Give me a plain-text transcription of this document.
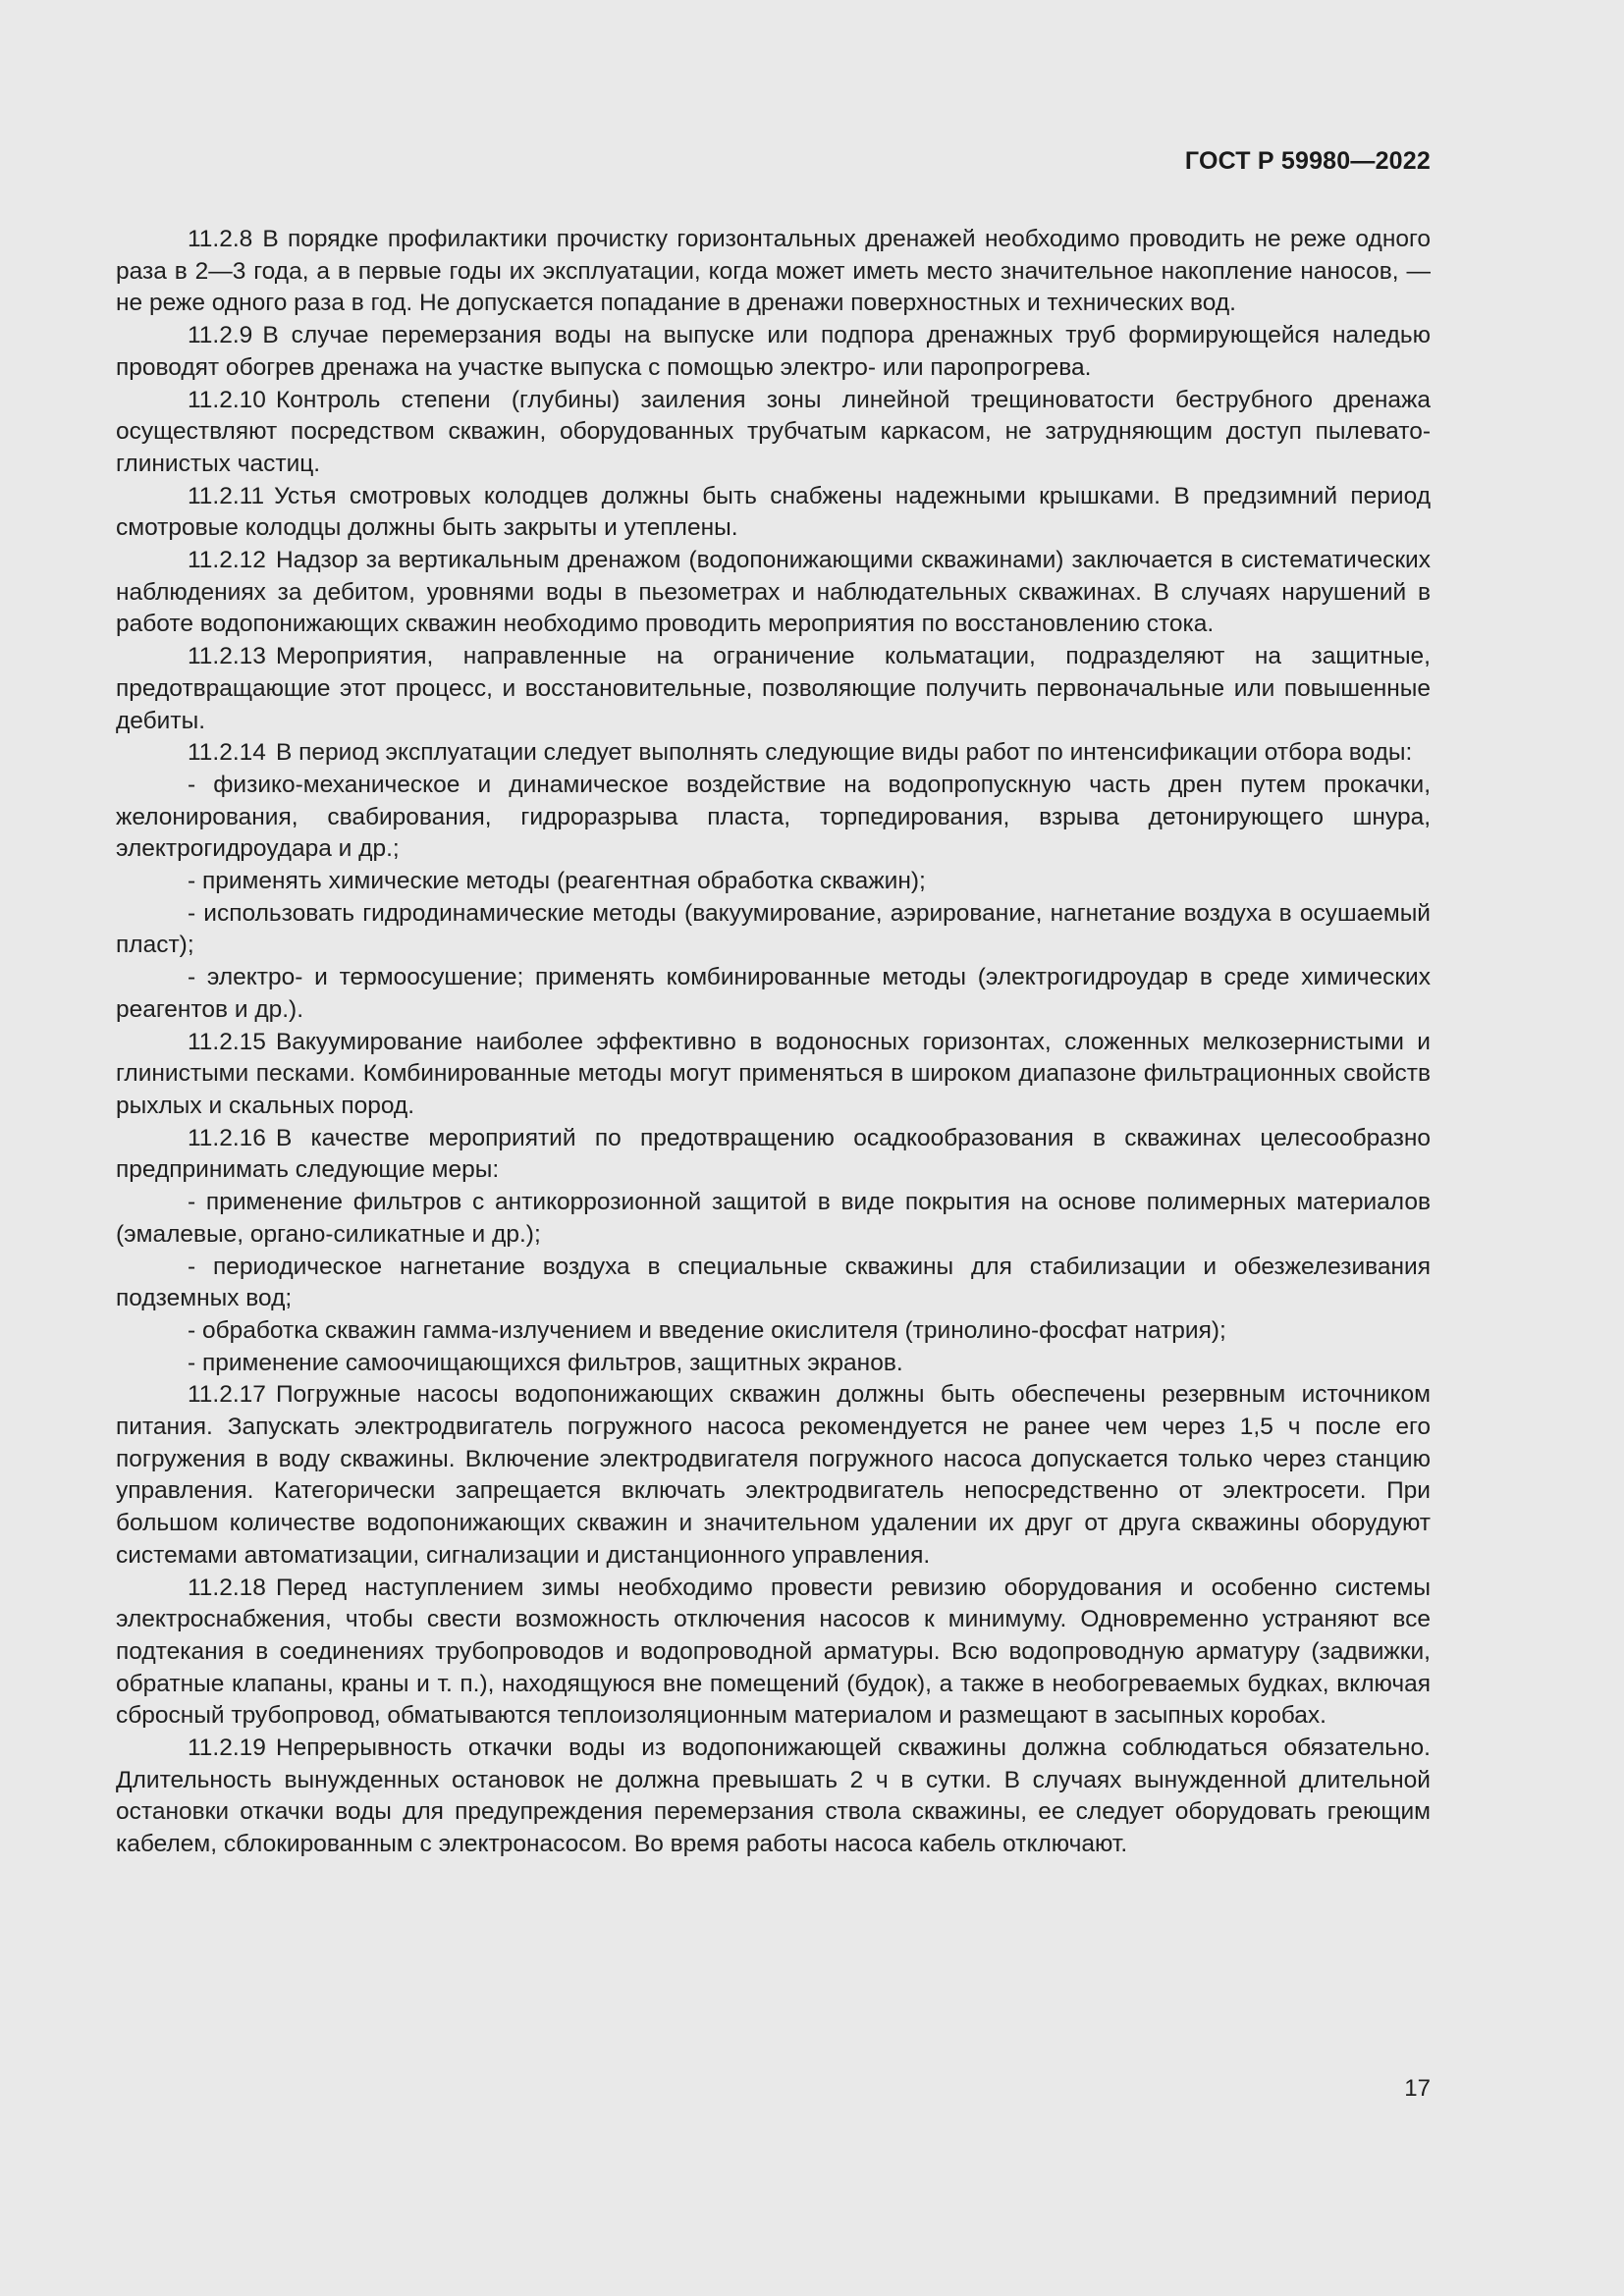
ГОСТ Р 59980—2022

11.2.8 В порядке профилактики прочистку горизонтальных дренажей необходимо проводить не реже одного раза в 2—3 года, а в первые годы их эксплуатации, когда может иметь место значительное накопление наносов, — не реже одного раза в год. Не допускается попадание в дренажи поверхностных и технических вод.

11.2.9 В случае перемерзания воды на выпуске или подпора дренажных труб формирующейся наледью проводят обогрев дренажа на участке выпуска с помощью электро- или паропрогрева.

11.2.10 Контроль степени (глубины) заиления зоны линейной трещиноватости беструбного дренажа осуществляют посредством скважин, оборудованных трубчатым каркасом, не затрудняющим доступ пылевато-глинистых частиц.

11.2.11 Устья смотровых колодцев должны быть снабжены надежными крышками. В предзимний период смотровые колодцы должны быть закрыты и утеплены.

11.2.12 Надзор за вертикальным дренажом (водопонижающими скважинами) заключается в систематических наблюдениях за дебитом, уровнями воды в пьезометрах и наблюдательных скважинах. В случаях нарушений в работе водопонижающих скважин необходимо проводить мероприятия по восстановлению стока.

11.2.13 Мероприятия, направленные на ограничение кольматации, подразделяют на защитные, предотвращающие этот процесс, и восстановительные, позволяющие получить первоначальные или повышенные дебиты.

11.2.14 В период эксплуатации следует выполнять следующие виды работ по интенсификации отбора воды:

- физико-механическое и динамическое воздействие на водопропускную часть дрен путем прокачки, желонирования, свабирования, гидроразрыва пласта, торпедирования, взрыва детонирующего шнура, электрогидроудара и др.;

- применять химические методы (реагентная обработка скважин);

- использовать гидродинамические методы (вакуумирование, аэрирование, нагнетание воздуха в осушаемый пласт);

- электро- и термоосушение; применять комбинированные методы (электрогидроудар в среде химических реагентов и др.).

11.2.15 Вакуумирование наиболее эффективно в водоносных горизонтах, сложенных мелкозернистыми и глинистыми песками. Комбинированные методы могут применяться в широком диапазоне фильтрационных свойств рыхлых и скальных пород.

11.2.16 В качестве мероприятий по предотвращению осадкообразования в скважинах целесообразно предпринимать следующие меры:

- применение фильтров с антикоррозионной защитой в виде покрытия на основе полимерных материалов (эмалевые, органо-силикатные и др.);

- периодическое нагнетание воздуха в специальные скважины для стабилизации и обезжелезивания подземных вод;

- обработка скважин гамма-излучением и введение окислителя (тринолино-фосфат натрия);

- применение самоочищающихся фильтров, защитных экранов.

11.2.17 Погружные насосы водопонижающих скважин должны быть обеспечены резервным источником питания. Запускать электродвигатель погружного насоса рекомендуется не ранее чем через 1,5 ч после его погружения в воду скважины. Включение электродвигателя погружного насоса допускается только через станцию управления. Категорически запрещается включать электродвигатель непосредственно от электросети. При большом количестве водопонижающих скважин и значительном удалении их друг от друга скважины оборудуют системами автоматизации, сигнализации и дистанционного управления.

11.2.18 Перед наступлением зимы необходимо провести ревизию оборудования и особенно системы электроснабжения, чтобы свести возможность отключения насосов к минимуму. Одновременно устраняют все подтекания в соединениях трубопроводов и водопроводной арматуры. Всю водопроводную арматуру (задвижки, обратные клапаны, краны и т. п.), находящуюся вне помещений (будок), а также в необогреваемых будках, включая сбросный трубопровод, обматываются теплоизоляционным материалом и размещают в засыпных коробах.

11.2.19 Непрерывность откачки воды из водопонижающей скважины должна соблюдаться обязательно. Длительность вынужденных остановок не должна превышать 2 ч в сутки. В случаях вынужденной длительной остановки откачки воды для предупреждения перемерзания ствола скважины, ее следует оборудовать греющим кабелем, сблокированным с электронасосом. Во время работы насоса кабель отключают.

17
